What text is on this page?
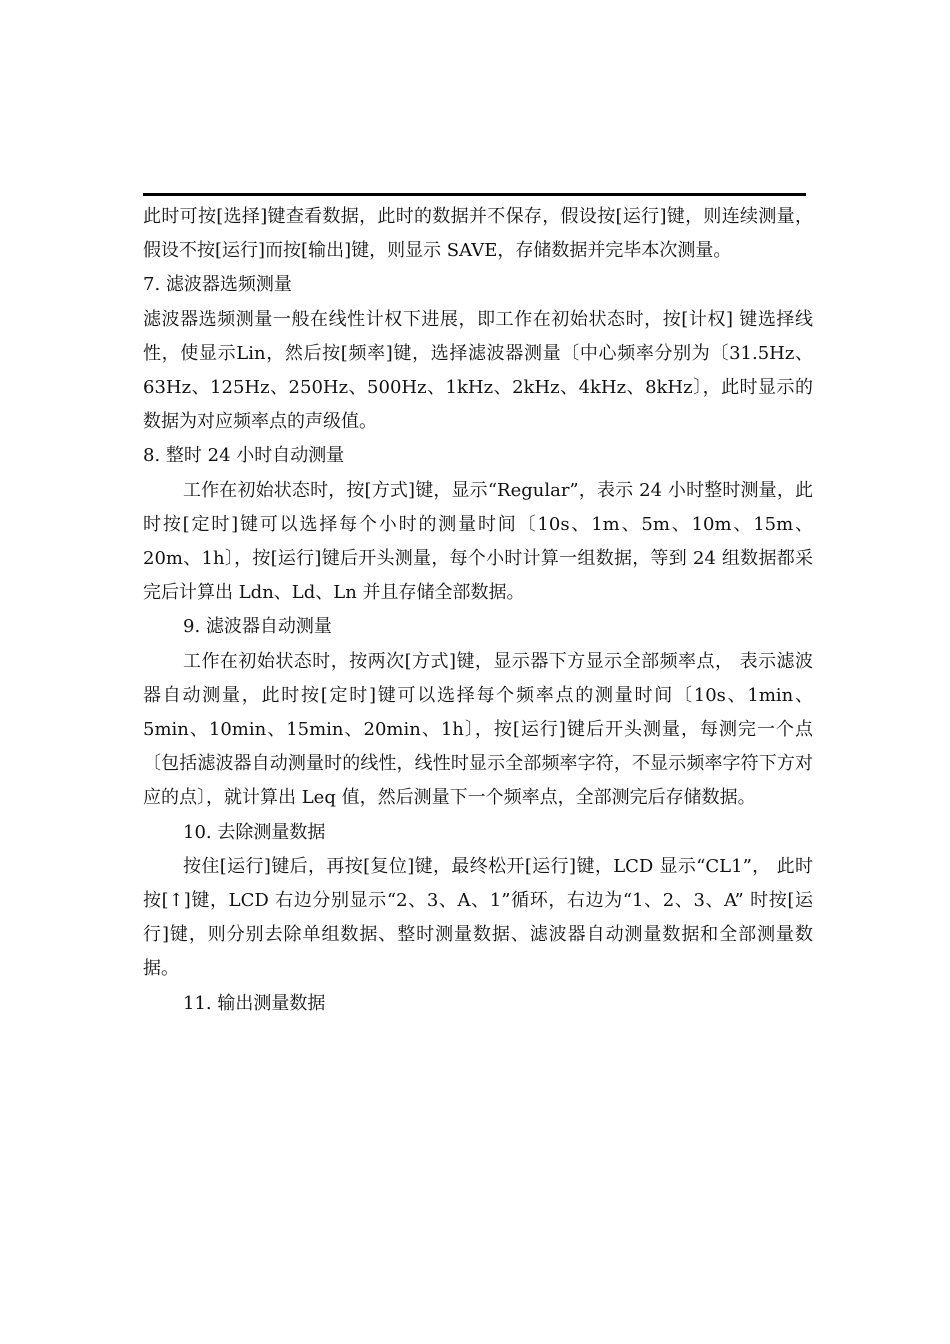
此时可按[选择]键查看数据，此时的数据并不保存，假设按[运行]键，则连续测量，假设不按[运行]而按[输出]键，则显示 SAVE，存储数据并完毕本次测量。

7. 滤波器选频测量

滤波器选频测量一般在线性计权下进展，即工作在初始状态时，按[计权] 键选择线性，使显示Lin，然后按[频率]键，选择滤波器测量〔中心频率分别为〔31.5Hz、63Hz、125Hz、250Hz、500Hz、1kHz、2kHz、4kHz、8kHz〕，此时显示的数据为对应频率点的声级值。

8. 整时 24 小时自动测量

工作在初始状态时，按[方式]键，显示“Regular”，表示 24 小时整时测量，此时按[定时]键可以选择每个小时的测量时间〔10s、1m、5m、10m、15m、20m、1h〕，按[运行]键后开头测量，每个小时计算一组数据，等到 24 组数据都采完后计算出 Ldn、Ld、Ln 并且存储全部数据。

9. 滤波器自动测量

工作在初始状态时，按两次[方式]键，显示器下方显示全部频率点， 表示滤波器自动测量，此时按[定时]键可以选择每个频率点的测量时间〔10s、1min、5min、10min、15min、20min、1h〕，按[运行]键后开头测量，每测完一个点〔包括滤波器自动测量时的线性，线性时显示全部频率字符，不显示频率字符下方对应的点〕，就计算出 Leq 值，然后测量下一个频率点，全部测完后存储数据。

10. 去除测量数据

按住[运行]键后，再按[复位]键，最终松开[运行]键，LCD 显示“CL1”， 此时按[↑]键，LCD 右边分别显示“2、3、A、1”循环，右边为“1、2、3、A” 时按[运行]键，则分别去除单组数据、整时测量数据、滤波器自动测量数据和全部测量数据。

11. 输出测量数据
